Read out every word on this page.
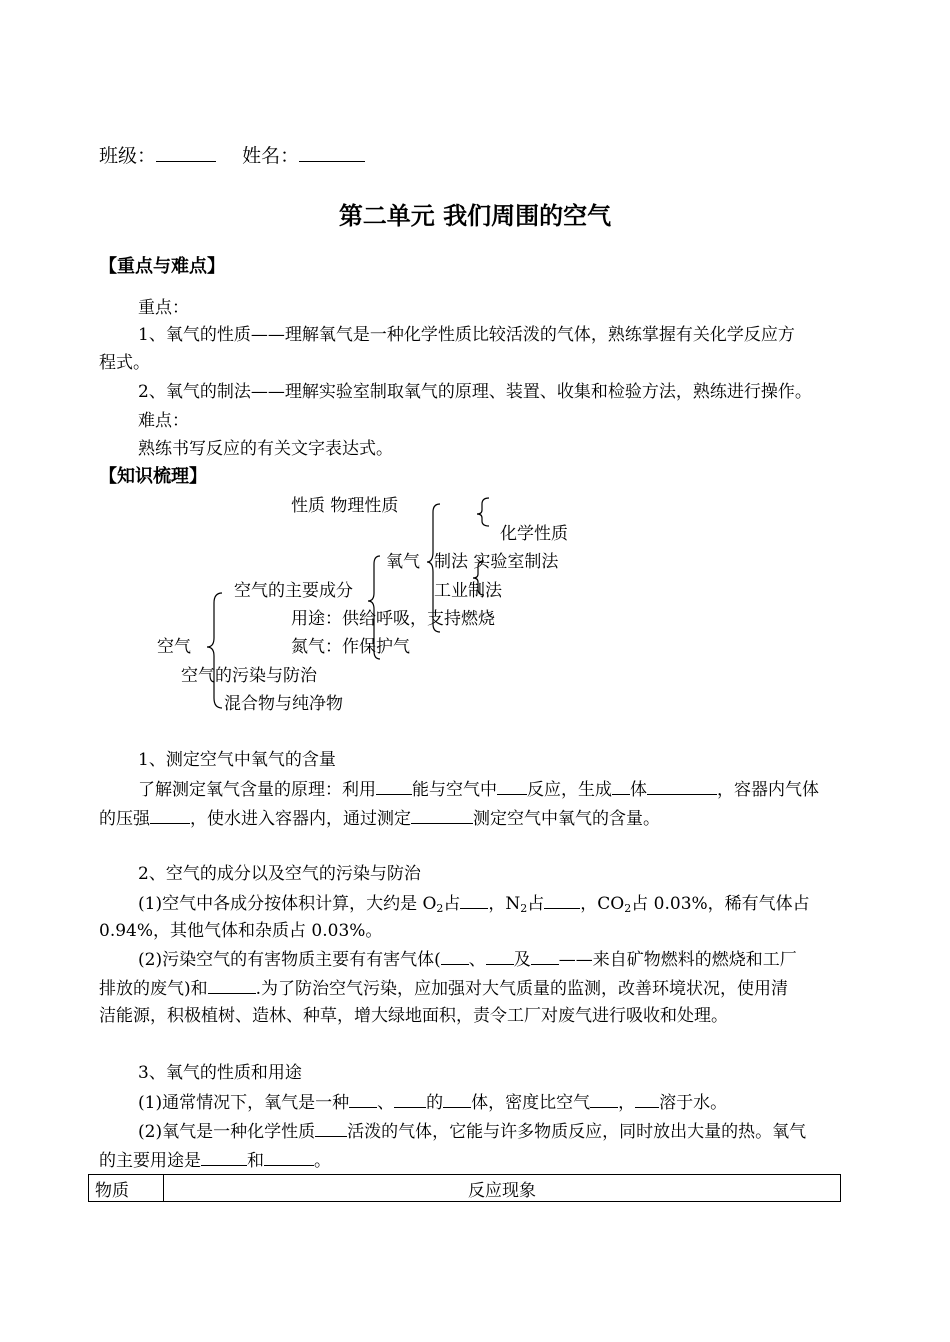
班级：	姓名：
第二单元 我们周围的空气
【重点与难点】
重点：
1、氧气的性质——理解氧气是一种化学性质比较活泼的气体，熟练掌握有关化学反应方
程式。
2、氧气的制法——理解实验室制取氧气的原理、装置、收集和检验方法，熟练进行操作。
难点：
熟练书写反应的有关文字表达式。
【知识梳理】
性质 物理性质
化学性质
氧气 制法 实验室制法
工业制法
空气的主要成分
用途：供给呼吸，支持燃烧
氮气：作保护气
空气
空气的污染与防治
混合物与纯净物
1、测定空气中氧气的含量
了解测定氧气含量的原理：利用 能与空气中 反应，生成 体	，容器内气体
的压强 ，使水进入容器内，通过测定	测定空气中氧气的含量。
2、空气的成分以及空气的污染与防治
(1)空气中各成分按体积计算，大约是 $O_2$占 ，$N_2$占 ，$CO_2$占 0.03%，稀有气体占
0.94%，其他气体和杂质占 0.03%。
(2)污染空气的有害物质主要有有害气体( 、 及 ——来自矿物燃料的燃烧和工厂
排放的废气)和	.为了防治空气污染，应加强对大气质量的监测，改善环境状况，使用清
洁能源，积极植树、造林、种草，增大绿地面积，责令工厂对废气进行吸收和处理。
3、氧气的性质和用途
(1)通常情况下，氧气是一种 、 的 体，密度比空气 ， 溶于水。
(2)氧气是一种化学性质 活泼的气体，它能与许多物质反应，同时放出大量的热。氧气
的主要用途是	和	。
物质	反应现象
